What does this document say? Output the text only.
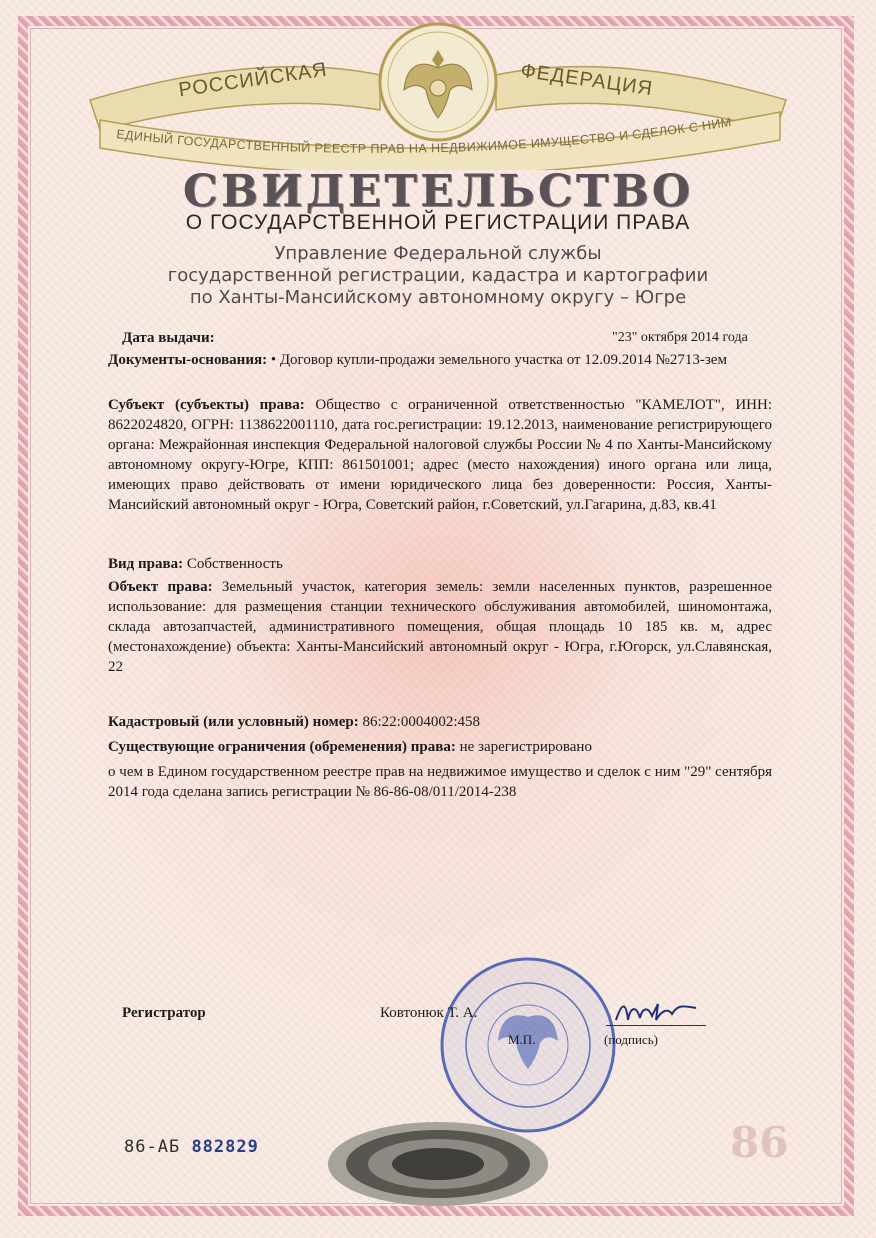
ЕДИНЫЙ ГОСУДАРСТВЕННЫЙ РЕЕСТР ПРАВ НА НЕДВИЖИМОЕ ИМУЩЕСТВО И СДЕЛОК С НИМ
РОССИЙСКАЯ	ФЕДЕРАЦИЯ
СВИДЕТЕЛЬСТВО
О ГОСУДАРСТВЕННОЙ РЕГИСТРАЦИИ ПРАВА
Управление Федеральной службы
государственной регистрации, кадастра и картографии
по Ханты-Мансийскому автономному округу – Югре
Дата выдачи:	"23" октября 2014 года
Документы-основания: • Договор купли-продажи земельного участка от 12.09.2014 №2713-зем
Субъект (субъекты) права: Общество с ограниченной ответственностью "КАМЕЛОТ", ИНН: 8622024820, ОГРН: 1138622001110, дата гос.регистрации: 19.12.2013, наименование регистрирующего органа: Межрайонная инспекция Федеральной налоговой службы России № 4 по Ханты-Мансийскому автономному округу-Югре, КПП: 861501001; адрес (место нахождения) иного органа или лица, имеющих право действовать от имени юридического лица без доверенности: Россия, Ханты-Мансийский автономный округ - Югра, Советский район, г.Советский, ул.Гагарина, д.83, кв.41
Вид права: Собственность
Объект права: Земельный участок, категория земель: земли населенных пунктов, разрешенное использование: для размещения станции технического обслуживания автомобилей, шиномонтажа, склада автозапчастей, административного помещения, общая площадь 10 185 кв. м, адрес (местонахождение) объекта: Ханты-Мансийский автономный округ - Югра, г.Югорск, ул.Славянская, 22
Кадастровый (или условный) номер: 86:22:0004002:458
Существующие ограничения (обременения) права: не зарегистрировано
о чем в Едином государственном реестре прав на недвижимое имущество и сделок с ним "29" сентября 2014 года сделана запись регистрации № 86-86-08/011/2014-238
Регистратор	Ковтонюк Т. А.
М.П.	(подпись)
86-АБ 882829	86
